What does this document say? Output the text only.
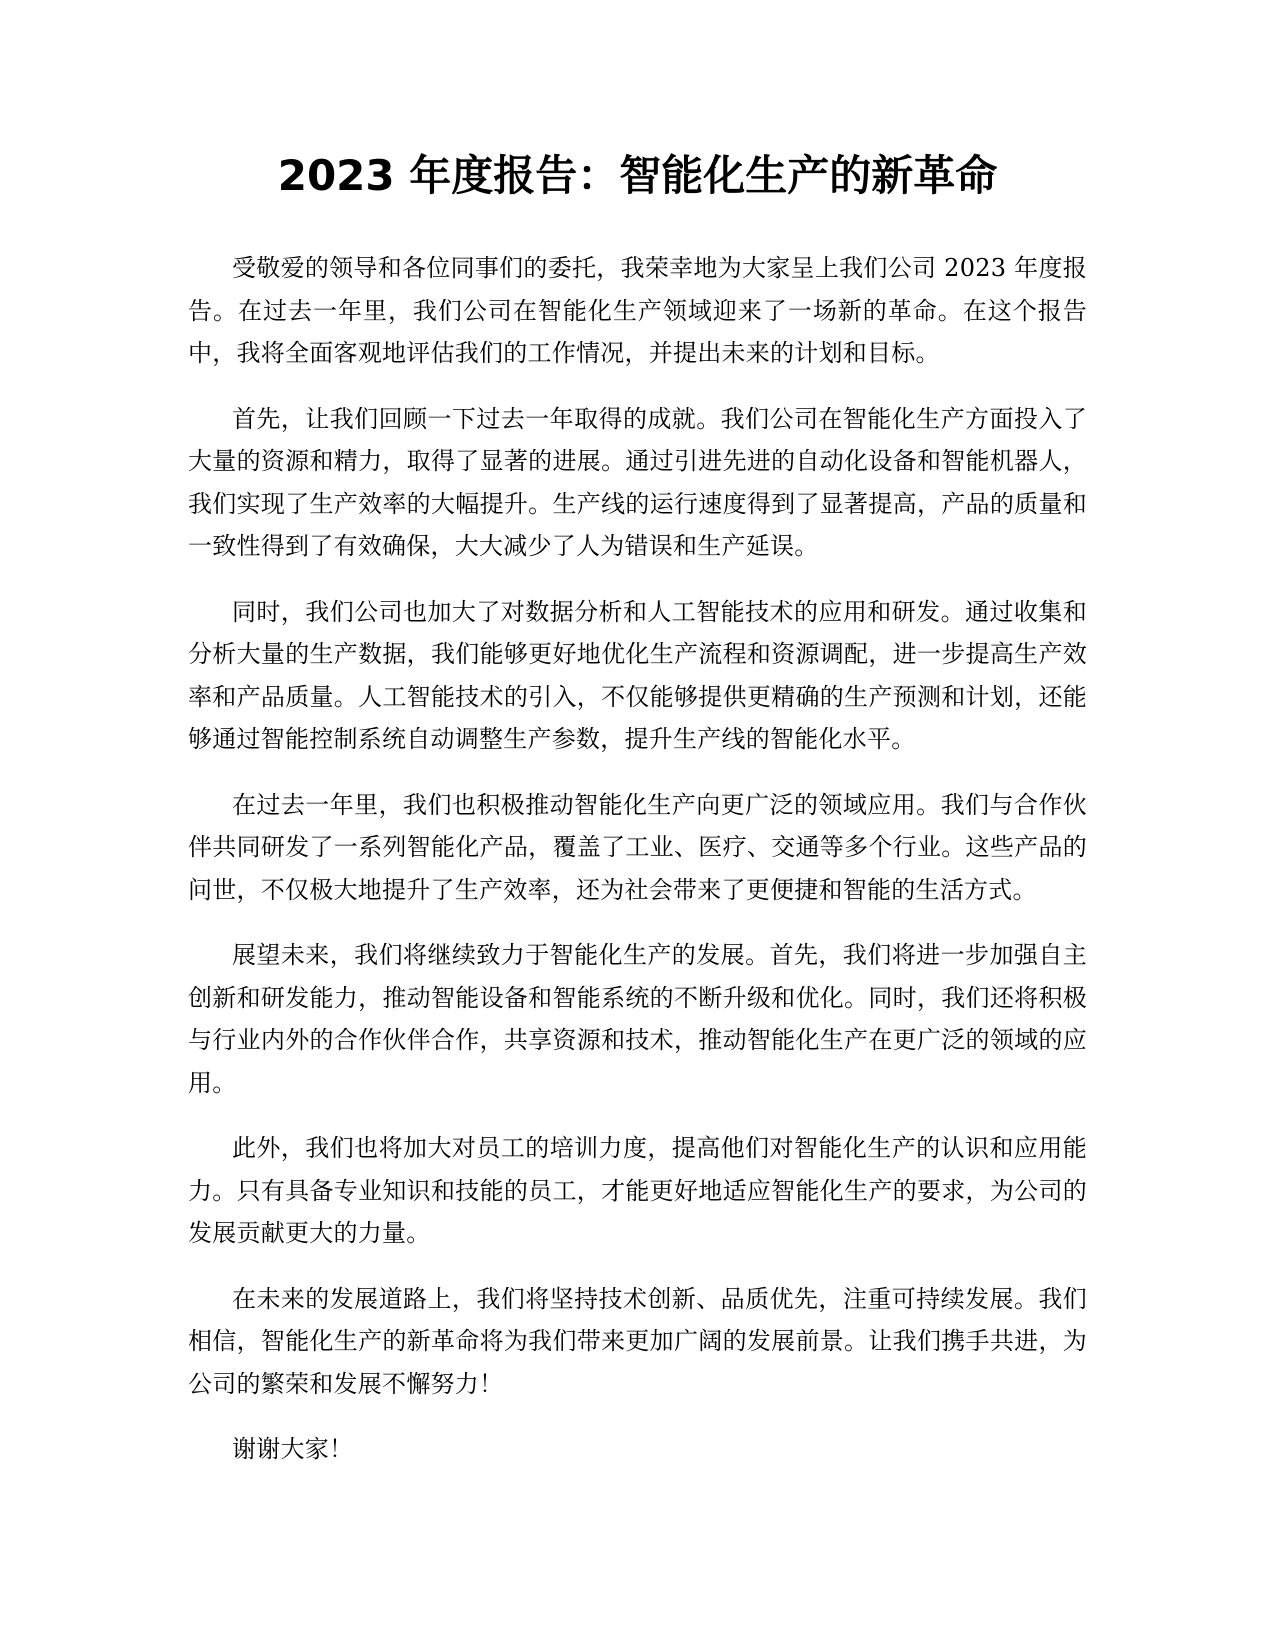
2023 年度报告：智能化生产的新革命

受敬爱的领导和各位同事们的委托，我荣幸地为大家呈上我们公司 2023 年度报告。在过去一年里，我们公司在智能化生产领域迎来了一场新的革命。在这个报告中，我将全面客观地评估我们的工作情况，并提出未来的计划和目标。

首先，让我们回顾一下过去一年取得的成就。我们公司在智能化生产方面投入了大量的资源和精力，取得了显著的进展。通过引进先进的自动化设备和智能机器人，我们实现了生产效率的大幅提升。生产线的运行速度得到了显著提高，产品的质量和一致性得到了有效确保，大大减少了人为错误和生产延误。

同时，我们公司也加大了对数据分析和人工智能技术的应用和研发。通过收集和分析大量的生产数据，我们能够更好地优化生产流程和资源调配，进一步提高生产效率和产品质量。人工智能技术的引入，不仅能够提供更精确的生产预测和计划，还能够通过智能控制系统自动调整生产参数，提升生产线的智能化水平。

在过去一年里，我们也积极推动智能化生产向更广泛的领域应用。我们与合作伙伴共同研发了一系列智能化产品，覆盖了工业、医疗、交通等多个行业。这些产品的问世，不仅极大地提升了生产效率，还为社会带来了更便捷和智能的生活方式。

展望未来，我们将继续致力于智能化生产的发展。首先，我们将进一步加强自主创新和研发能力，推动智能设备和智能系统的不断升级和优化。同时，我们还将积极与行业内外的合作伙伴合作，共享资源和技术，推动智能化生产在更广泛的领域的应用。

此外，我们也将加大对员工的培训力度，提高他们对智能化生产的认识和应用能力。只有具备专业知识和技能的员工，才能更好地适应智能化生产的要求，为公司的发展贡献更大的力量。

在未来的发展道路上，我们将坚持技术创新、品质优先，注重可持续发展。我们相信，智能化生产的新革命将为我们带来更加广阔的发展前景。让我们携手共进，为公司的繁荣和发展不懈努力！

谢谢大家！
